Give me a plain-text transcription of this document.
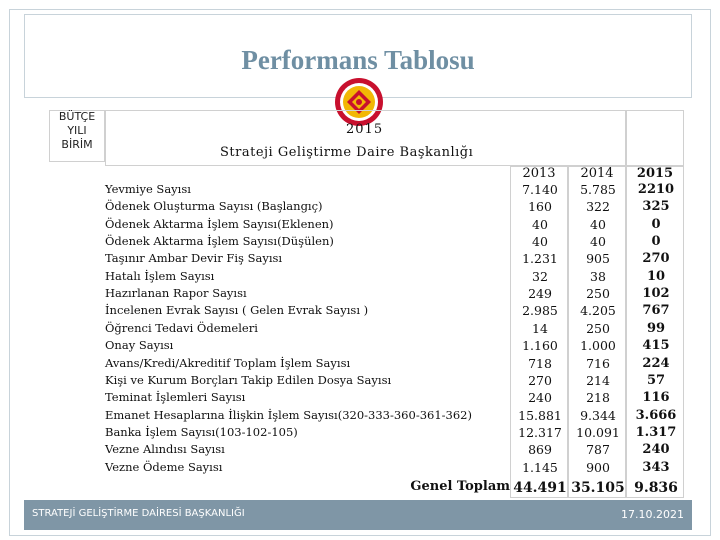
Performans Tablosu
BÜTÇE
YILI
BİRİM
2015
Strateji Geliştirme Daire Başkanlığı
2013	2014	2015
Yevmiye Sayısı	7.140	5.785	2210
Ödenek Oluşturma Sayısı (Başlangıç)	160	322	325
Ödenek Aktarma İşlem Sayısı(Eklenen)	40	40	0
Ödenek Aktarma İşlem Sayısı(Düşülen)	40	40	0
Taşınır Ambar Devir Fiş Sayısı	1.231	905	270
Hatalı İşlem Sayısı	32	38	10
Hazırlanan Rapor Sayısı	249	250	102
İncelenen Evrak Sayısı ( Gelen Evrak Sayısı )	2.985	4.205	767
Öğrenci Tedavi Ödemeleri	14	250	99
Onay Sayısı	1.160	1.000	415
Avans/Kredi/Akreditif Toplam İşlem Sayısı	718	716	224
Kişi ve Kurum Borçları Takip Edilen Dosya Sayısı	270	214	57
Teminat İşlemleri Sayısı	240	218	116
Emanet Hesaplarına İlişkin İşlem Sayısı(320-333-360-361-362)	15.881	9.344	3.666
Banka İşlem Sayısı(103-102-105)	12.317	10.091	1.317
Vezne Alındısı Sayısı	869	787	240
Vezne Ödeme Sayısı	1.145	900	343
Genel Toplam 44.491 35.105 9.836
STRATEJİ GELİŞTİRME DAİRESİ BAŞKANLIĞI	17.10.2021
